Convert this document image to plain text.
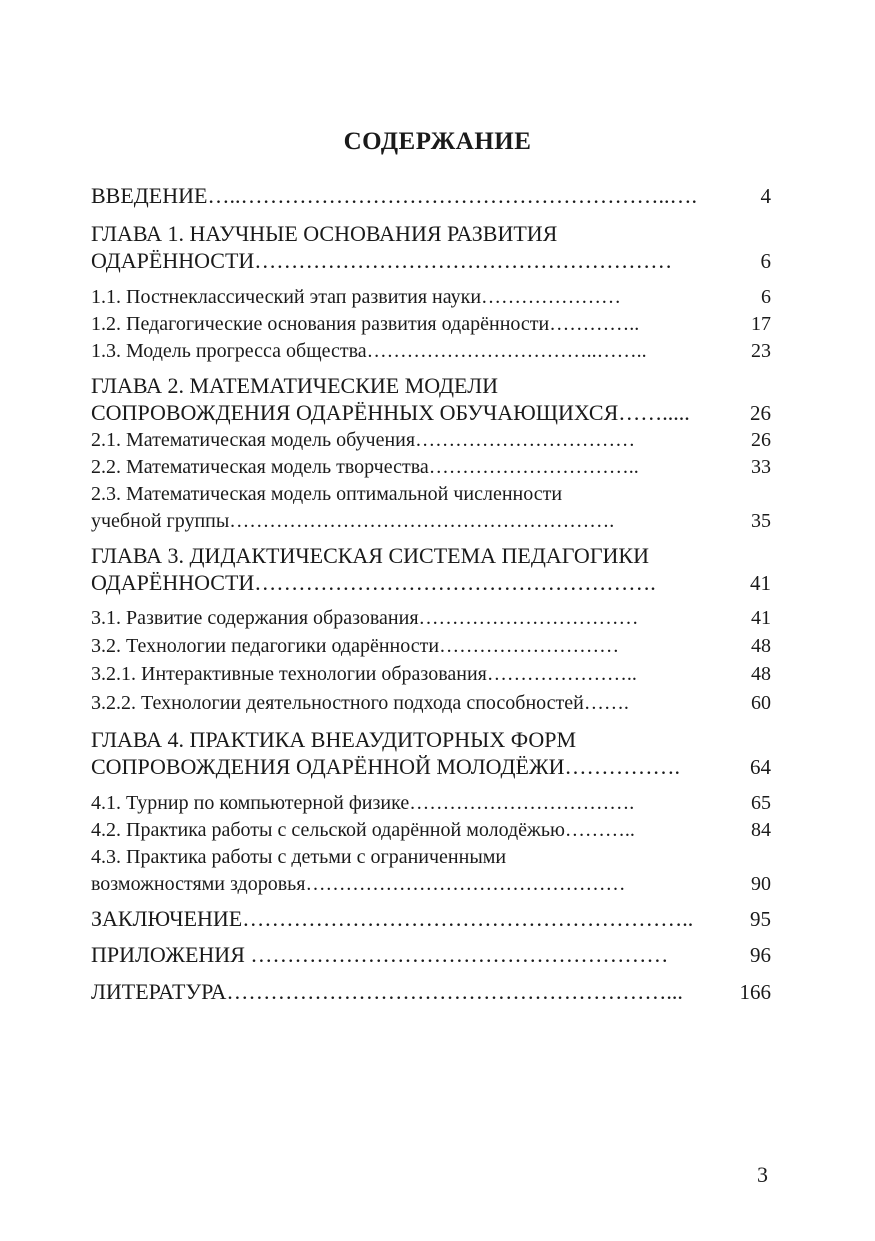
СОДЕРЖАНИЕ
ВВЕДЕНИЕ…..…………………………………………………..….	4
ГЛАВА 1. НАУЧНЫЕ ОСНОВАНИЯ РАЗВИТИЯ
ОДАРЁННОСТИ…………………………………………………	6
1.1. Постнеклассический этап развития науки…………………	6
1.2. Педагогические основания развития одарённости…………..	17
1.3. Модель прогресса общества……………………………..……..	23
ГЛАВА 2. МАТЕМАТИЧЕСКИЕ МОДЕЛИ
СОПРОВОЖДЕНИЯ ОДАРЁННЫХ ОБУЧАЮЩИХСЯ…….....	26
2.1. Математическая модель обучения……………………………	26
2.2. Математическая модель творчества…………………………..	33
2.3. Математическая модель оптимальной численности
учебной группы………………………………………………….	35
ГЛАВА 3. ДИДАКТИЧЕСКАЯ СИСТЕМА ПЕДАГОГИКИ
ОДАРЁННОСТИ……………………………………………….	41
3.1. Развитие содержания образования……………………………	41
3.2. Технологии педагогики одарённости………………………	48
3.2.1. Интерактивные технологии образования…………………..	48
3.2.2. Технологии деятельностного подхода способностей…….	60
ГЛАВА 4. ПРАКТИКА ВНЕАУДИТОРНЫХ ФОРМ
СОПРОВОЖДЕНИЯ ОДАРЁННОЙ МОЛОДЁЖИ…………….	64
4.1. Турнир по компьютерной физике…………………………….	65
4.2. Практика работы с сельской одарённой молодёжью………..	84
4.3. Практика работы с детьми с ограниченными
возможностями здоровья…………………………………………	90
ЗАКЛЮЧЕНИЕ……………………………………………………..	95
ПРИЛОЖЕНИЯ …………………………………………………	96
ЛИТЕРАТУРА……………………………………………………...	166
3
